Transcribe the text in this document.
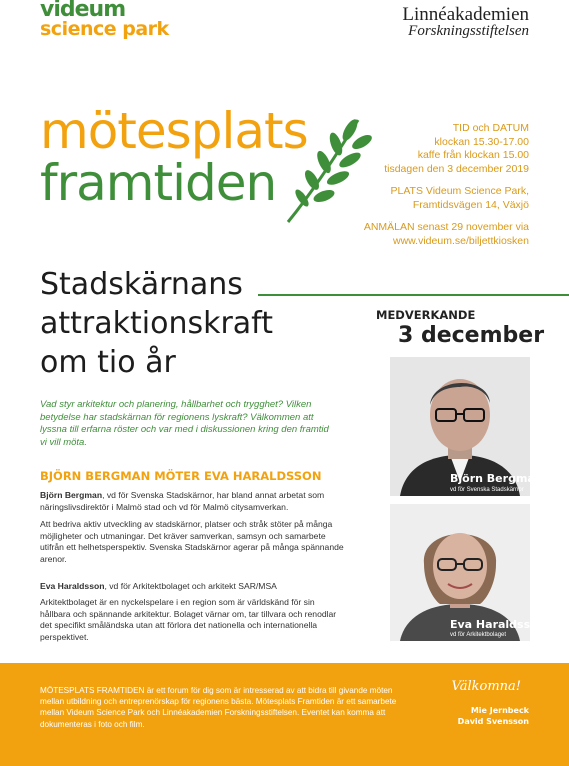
videum
science park
Linnéakademien
Forskningsstiftelsen
mötesplats
framtiden
TID och DATUM
klockan 15.30-17.00
kaffe från klockan 15.00
tisdagen den 3 december 2019
PLATS Videum Science Park,
Framtidsvägen 14, Växjö
ANMÄLAN senast 29 november via
www.videum.se/biljettkiosken
Stadskärnans
attraktionskraft
om tio år
MEDVERKANDE
3 december
Björn Bergman
vd för Svenska Stadskärnor
Eva Haraldsson
vd för Arkitektbolaget
Vad styr arkitektur och planering, hållbarhet och trygghet? Vilken betydelse har stadskärnan för regionens lyskraft? Välkommen att lyssna till erfarna röster och var med i diskussionen kring den framtid vi vill möta.
BJÖRN BERGMAN MÖTER EVA HARALDSSON
Björn Bergman, vd för Svenska Stadskärnor, har bland annat arbetat som näringslivsdirektör i Malmö stad och vd för Malmö citysamverkan.
Att bedriva aktiv utveckling av stadskärnor, platser och stråk stöter på många möjligheter och utmaningar. Det kräver samverkan, samsyn och samarbete utifrån ett helhetsperspektiv. Svenska Stadskärnor agerar på många spännande arenor.
Eva Haraldsson, vd för Arkitektbolaget och arkitekt SAR/MSA
Arkitektbolaget är en nyckelspelare i en region som är världskänd för sin hållbara och spännande arkitektur. Bolaget värnar om, tar tillvara och renodlar det specifikt småländska utan att förlora det nationella och internationella perspektivet.
MÖTESPLATS FRAMTIDEN är ett forum för dig som är intresserad av att bidra till givande möten mellan utbildning och entreprenörskap för regionens bästa. Mötesplats Framtiden är ett samarbete mellan Videum Science Park och Linnéakademien Forskningsstiftelsen. Eventet kan komma att dokumenteras i foto och film.
Välkomna!
Mie Jernbeck
David Svensson
